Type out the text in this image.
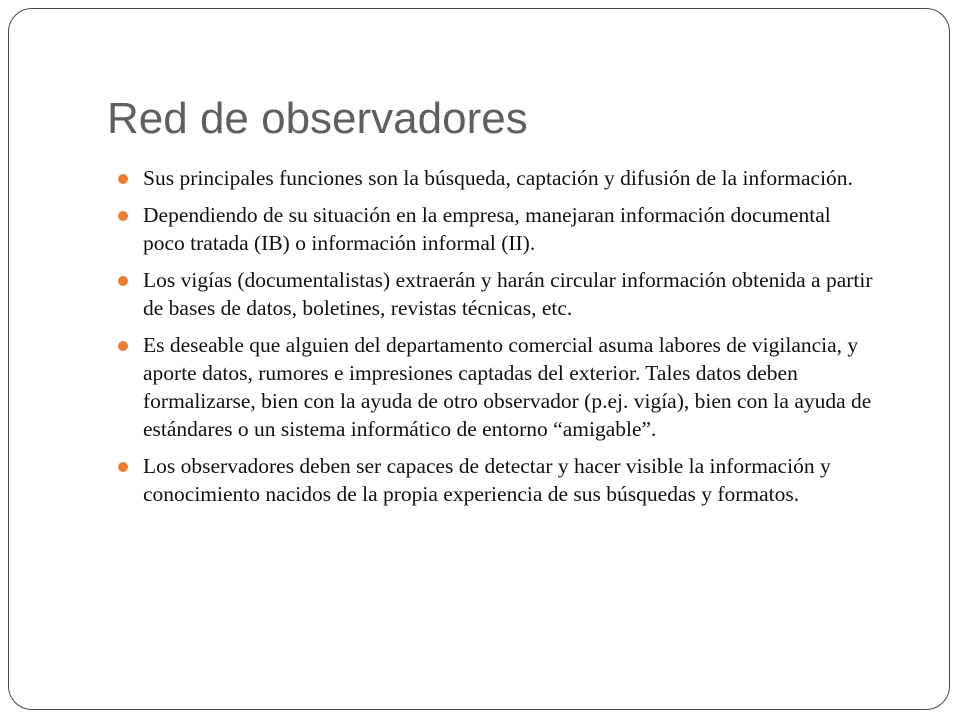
Red de observadores
Sus principales funciones son la búsqueda, captación y difusión de la información.
Dependiendo de su situación en la empresa, manejaran información documental poco tratada (IB) o información informal (II).
Los vigías (documentalistas) extraerán y harán circular información obtenida a partir de bases de datos, boletines, revistas técnicas, etc.
Es deseable que alguien del departamento comercial asuma labores de vigilancia, y aporte datos, rumores e impresiones captadas del exterior. Tales datos deben formalizarse, bien con la ayuda de otro observador (p.ej. vigía), bien con la ayuda de estándares o un sistema informático de entorno “amigable”.
Los observadores deben ser capaces de detectar y hacer visible la información y conocimiento nacidos de la propia experiencia de sus búsquedas y formatos.
